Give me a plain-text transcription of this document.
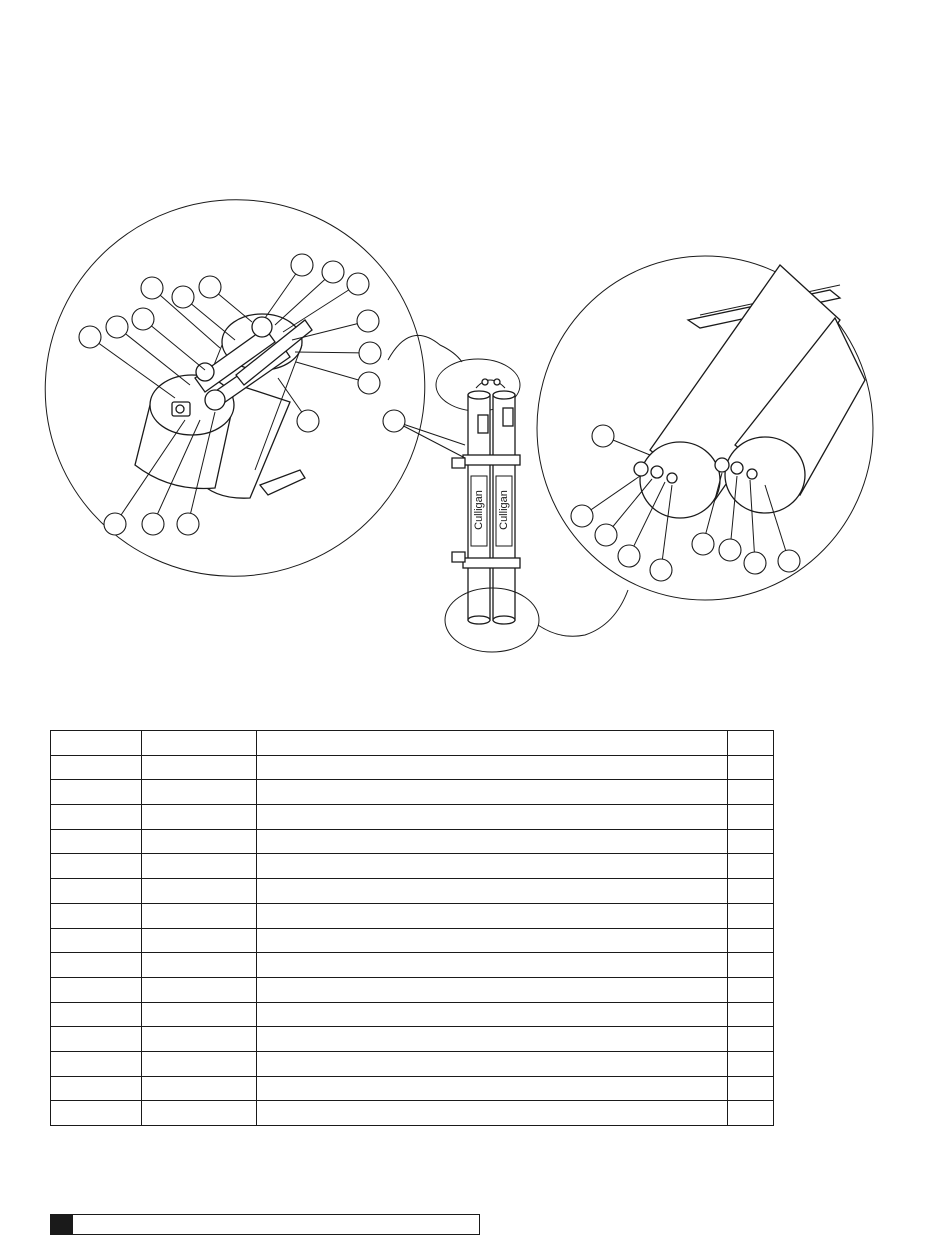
Culligan Culligan
